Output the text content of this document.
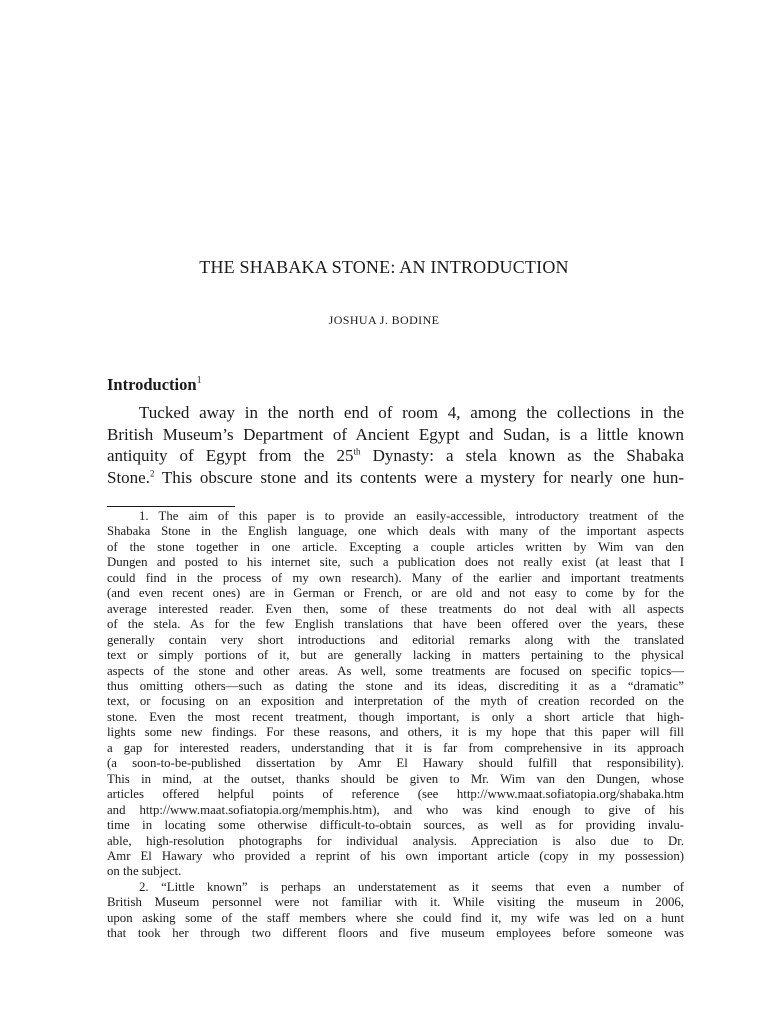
THE SHABAKA STONE: AN INTRODUCTION
JOSHUA J. BODINE
Introduction$^1$
Tucked away in the north end of room 4, among the collections in the
British Museum’s Department of Ancient Egypt and Sudan, is a little known
antiquity of Egypt from the 25th Dynasty: a stela known as the Shabaka
Stone.$^2$ This obscure stone and its contents were a mystery for nearly one hun-
1. The aim of this paper is to provide an easily-accessible, introductory treatment of the
Shabaka Stone in the English language, one which deals with many of the important aspects
of the stone together in one article. Excepting a couple articles written by Wim van den
Dungen and posted to his internet site, such a publication does not really exist (at least that I
could find in the process of my own research). Many of the earlier and important treatments
(and even recent ones) are in German or French, or are old and not easy to come by for the
average interested reader. Even then, some of these treatments do not deal with all aspects
of the stela. As for the few English translations that have been offered over the years, these
generally contain very short introductions and editorial remarks along with the translated
text or simply portions of it, but are generally lacking in matters pertaining to the physical
aspects of the stone and other areas. As well, some treatments are focused on specific topics—
thus omitting others—such as dating the stone and its ideas, discrediting it as a “dramatic”
text, or focusing on an exposition and interpretation of the myth of creation recorded on the
stone. Even the most recent treatment, though important, is only a short article that high-
lights some new findings. For these reasons, and others, it is my hope that this paper will fill
a gap for interested readers, understanding that it is far from comprehensive in its approach
(a soon-to-be-published dissertation by Amr El Hawary should fulfill that responsibility).
This in mind, at the outset, thanks should be given to Mr. Wim van den Dungen, whose
articles offered helpful points of reference (see http://www.maat.sofiatopia.org/shabaka.htm
and http://www.maat.sofiatopia.org/memphis.htm), and who was kind enough to give of his
time in locating some otherwise difficult-to-obtain sources, as well as for providing invalu-
able, high-resolution photographs for individual analysis. Appreciation is also due to Dr.
Amr El Hawary who provided a reprint of his own important article (copy in my possession)
on the subject.
2. “Little known” is perhaps an understatement as it seems that even a number of
British Museum personnel were not familiar with it. While visiting the museum in 2006,
upon asking some of the staff members where she could find it, my wife was led on a hunt
that took her through two different floors and five museum employees before someone was
